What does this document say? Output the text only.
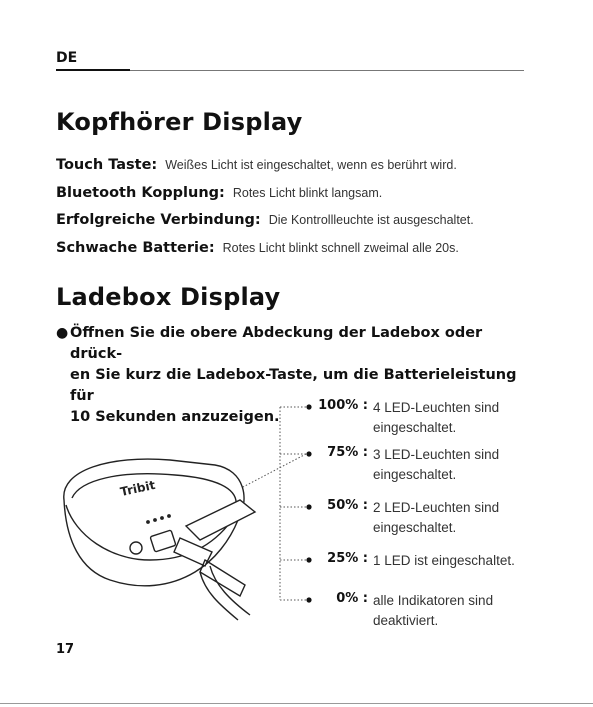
DE
Kopfhörer Display
Touch Taste: Weißes Licht ist eingeschaltet, wenn es berührt wird.
Bluetooth Kopplung: Rotes Licht blinkt langsam.
Erfolgreiche Verbindung: Die Kontrollleuchte ist ausgeschaltet.
Schwache Batterie: Rotes Licht blinkt schnell zweimal alle 20s.
Ladebox Display
● Öffnen Sie die obere Abdeckung der Ladebox oder drück-
en Sie kurz die Ladebox-Taste, um die Batterieleistung für
10 Sekunden anzuzeigen.
Tribit
100% : 4 LED-Leuchten sind
eingeschaltet.
75% : 3 LED-Leuchten sind
eingeschaltet.
50% : 2 LED-Leuchten sind
eingeschaltet.
25% : 1 LED ist eingeschaltet.
0% : alle Indikatoren sind
deaktiviert.
17
